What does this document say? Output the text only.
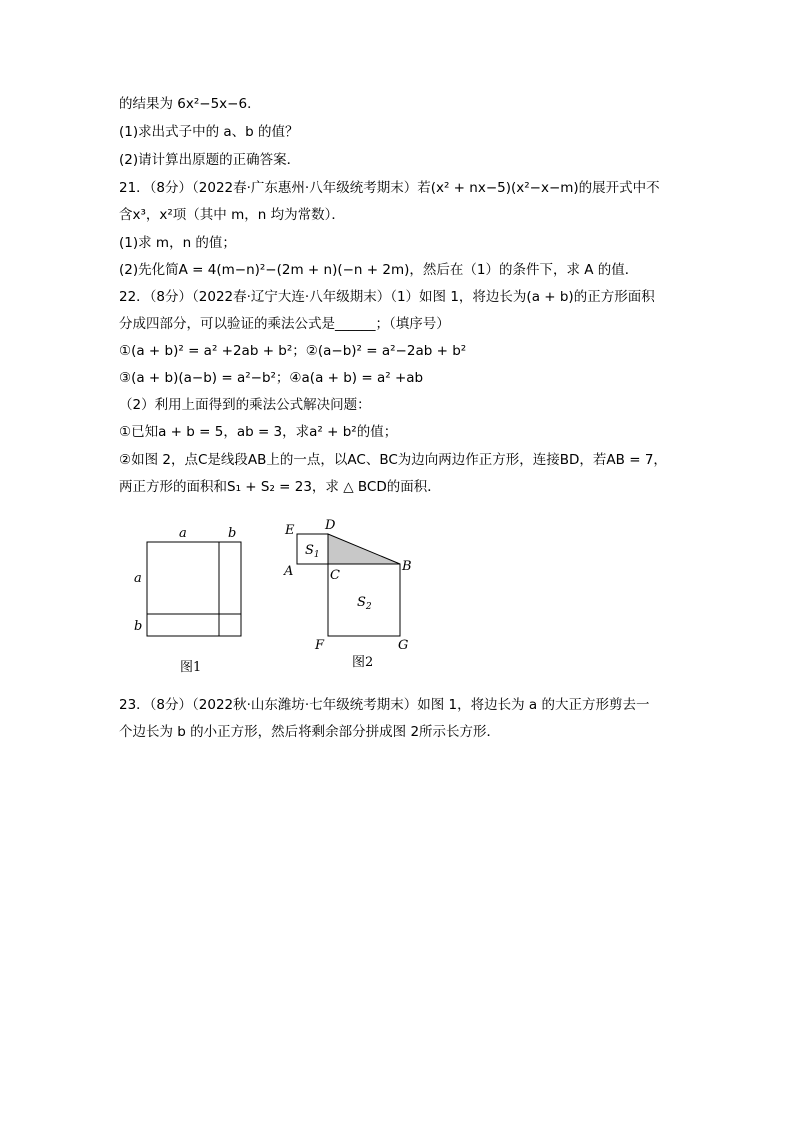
的结果为 6x²−5x−6．
(1)求出式子中的 a、b 的值？
(2)请计算出原题的正确答案．
21．（8分）（2022春·广东惠州·八年级统考期末）若(x² + nx−5)(x²−x−m)的展开式中不
含x³，x²项（其中 m，n 均为常数）．
(1)求 m，n 的值；
(2)先化简A = 4(m−n)²−(2m + n)(−n + 2m)，然后在（1）的条件下，求 A 的值．
22．（8分）（2022春·辽宁大连·八年级期末）（1）如图 1，将边长为(a + b)的正方形面积
分成四部分，可以验证的乘法公式是______；（填序号）
①(a + b)² = a² +2ab + b²；②(a−b)² = a²−2ab + b²
③(a + b)(a−b) = a²−b²；④a(a + b) = a² +ab
（2）利用上面得到的乘法公式解决问题：
①已知a + b = 5，ab = 3，求a² + b²的值；
②如图 2，点C是线段AB上的一点，以AC、BC为边向两边作正方形，连接BD，若AB = 7，
两正方形的面积和S₁ + S₂ = 23，求 △ BCD的面积．
a	b
a
b
图1
E D
A	C
B
$S_1$
$S_2$
F	G
图2
23．（8分）（2022秋·山东潍坊·七年级统考期末）如图 1，将边长为 a 的大正方形剪去一
个边长为 b 的小正方形，然后将剩余部分拼成图 2所示长方形．
